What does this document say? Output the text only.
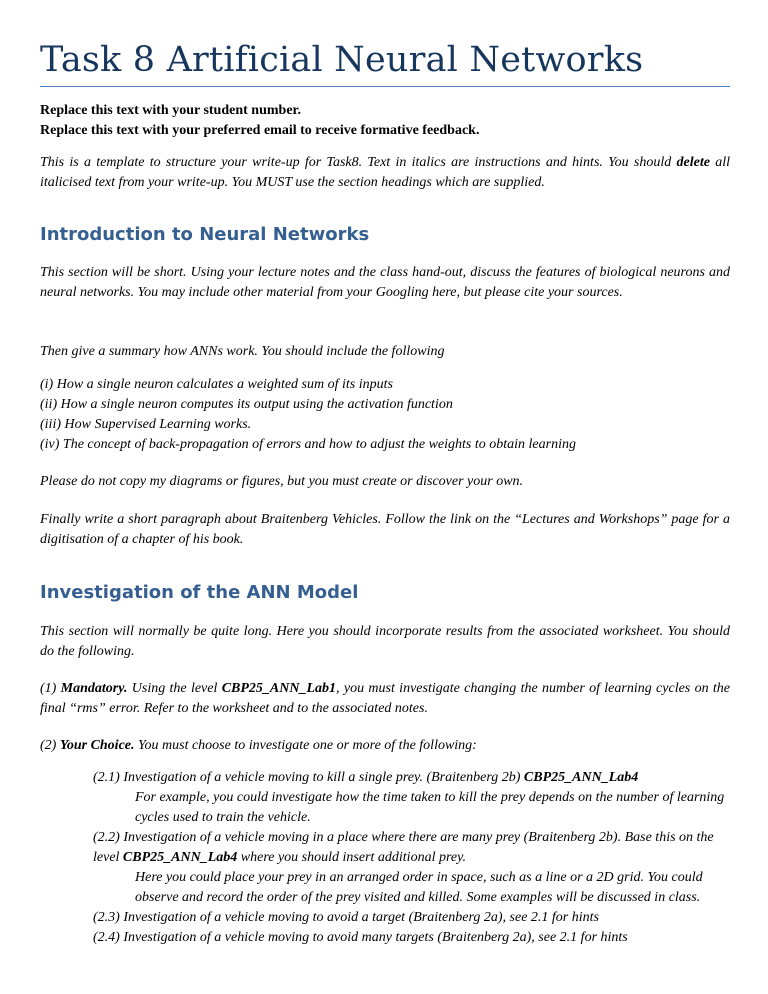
Task 8 Artificial Neural Networks
Replace this text with your student number.
Replace this text with your preferred email to receive formative feedback.
This is a template to structure your write-up for Task8. Text in italics are instructions and hints. You should delete all italicised text from your write-up. You MUST use the section headings which are supplied.
Introduction to Neural Networks
This section will be short. Using your lecture notes and the class hand-out, discuss the features of biological neurons and neural networks. You may include other material from your Googling here, but please cite your sources.
Then give a summary how ANNs work. You should include the following
(i) How a single neuron calculates a weighted sum of its inputs
(ii) How a single neuron computes its output using the activation function
(iii) How Supervised Learning works.
(iv) The concept of back-propagation of errors and how to adjust the weights to obtain learning
Please do not copy my diagrams or figures, but you must create or discover your own.
Finally write a short paragraph about Braitenberg Vehicles. Follow the link on the “Lectures and Workshops” page for a digitisation of a chapter of his book.
Investigation of the ANN Model
This section will normally be quite long. Here you should incorporate results from the associated worksheet. You should do the following.
(1) Mandatory. Using the level CBP25_ANN_Lab1, you must investigate changing the number of learning cycles on the final “rms” error. Refer to the worksheet and to the associated notes.
(2) Your Choice. You must choose to investigate one or more of the following:
(2.1) Investigation of a vehicle moving to kill a single prey. (Braitenberg 2b) CBP25_ANN_Lab4
For example, you could investigate how the time taken to kill the prey depends on the number of learning cycles used to train the vehicle.
(2.2) Investigation of a vehicle moving in a place where there are many prey (Braitenberg 2b). Base this on the level CBP25_ANN_Lab4 where you should insert additional prey.
Here you could place your prey in an arranged order in space, such as a line or a 2D grid. You could observe and record the order of the prey visited and killed. Some examples will be discussed in class.
(2.3) Investigation of a vehicle moving to avoid a target (Braitenberg 2a), see 2.1 for hints
(2.4) Investigation of a vehicle moving to avoid many targets (Braitenberg 2a), see 2.1 for hints
